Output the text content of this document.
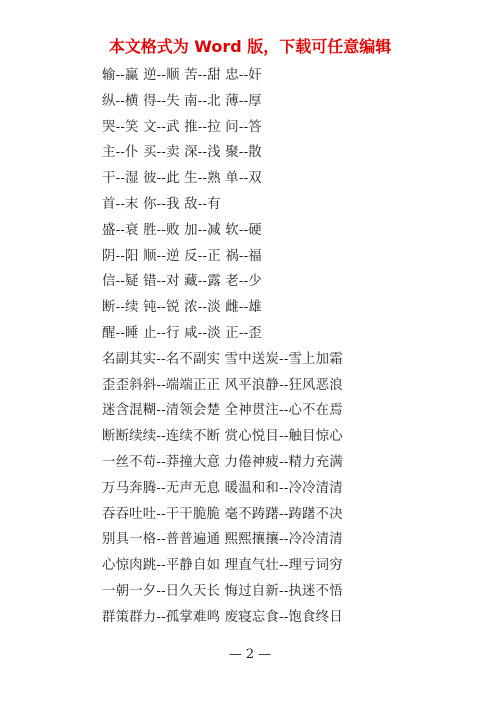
本文格式为 Word 版，下载可任意编辑
输--赢 逆--顺 苦--甜 忠--奸
纵--横 得--失 南--北 薄--厚
哭--笑 文--武 推--拉 问--答
主--仆 买--卖 深--浅 聚--散
干--湿 彼--此 生--熟 单--双
首--末 你--我 敌--有
盛--衰 胜--败 加--减 软--硬
阴--阳 顺--逆 反--正 祸--福
信--疑 错--对 藏--露 老--少
断--续 钝--锐 浓--淡 雌--雄
醒--睡 止--行 咸--淡 正--歪
名副其实--名不副实 雪中送炭--雪上加霜
歪歪斜斜--端端正正 风平浪静--狂风恶浪
迷含混糊--清领会楚 全神贯注--心不在焉
断断续续--连续不断 赏心悦目--触目惊心
一丝不苟--莽撞大意 力倦神疲--精力充满
万马奔腾--无声无息 暖温和和--冷冷清清
吞吞吐吐--干干脆脆 毫不踌躇--踌躇不决
别具一格--普普遍通 熙熙攘攘--冷冷清清
心惊肉跳--平静自如 理直气壮--理亏词穷
一朝一夕--日久天长 悔过自新--执迷不悟
群策群力--孤掌难鸣 废寝忘食--饱食终日
— 2 —
